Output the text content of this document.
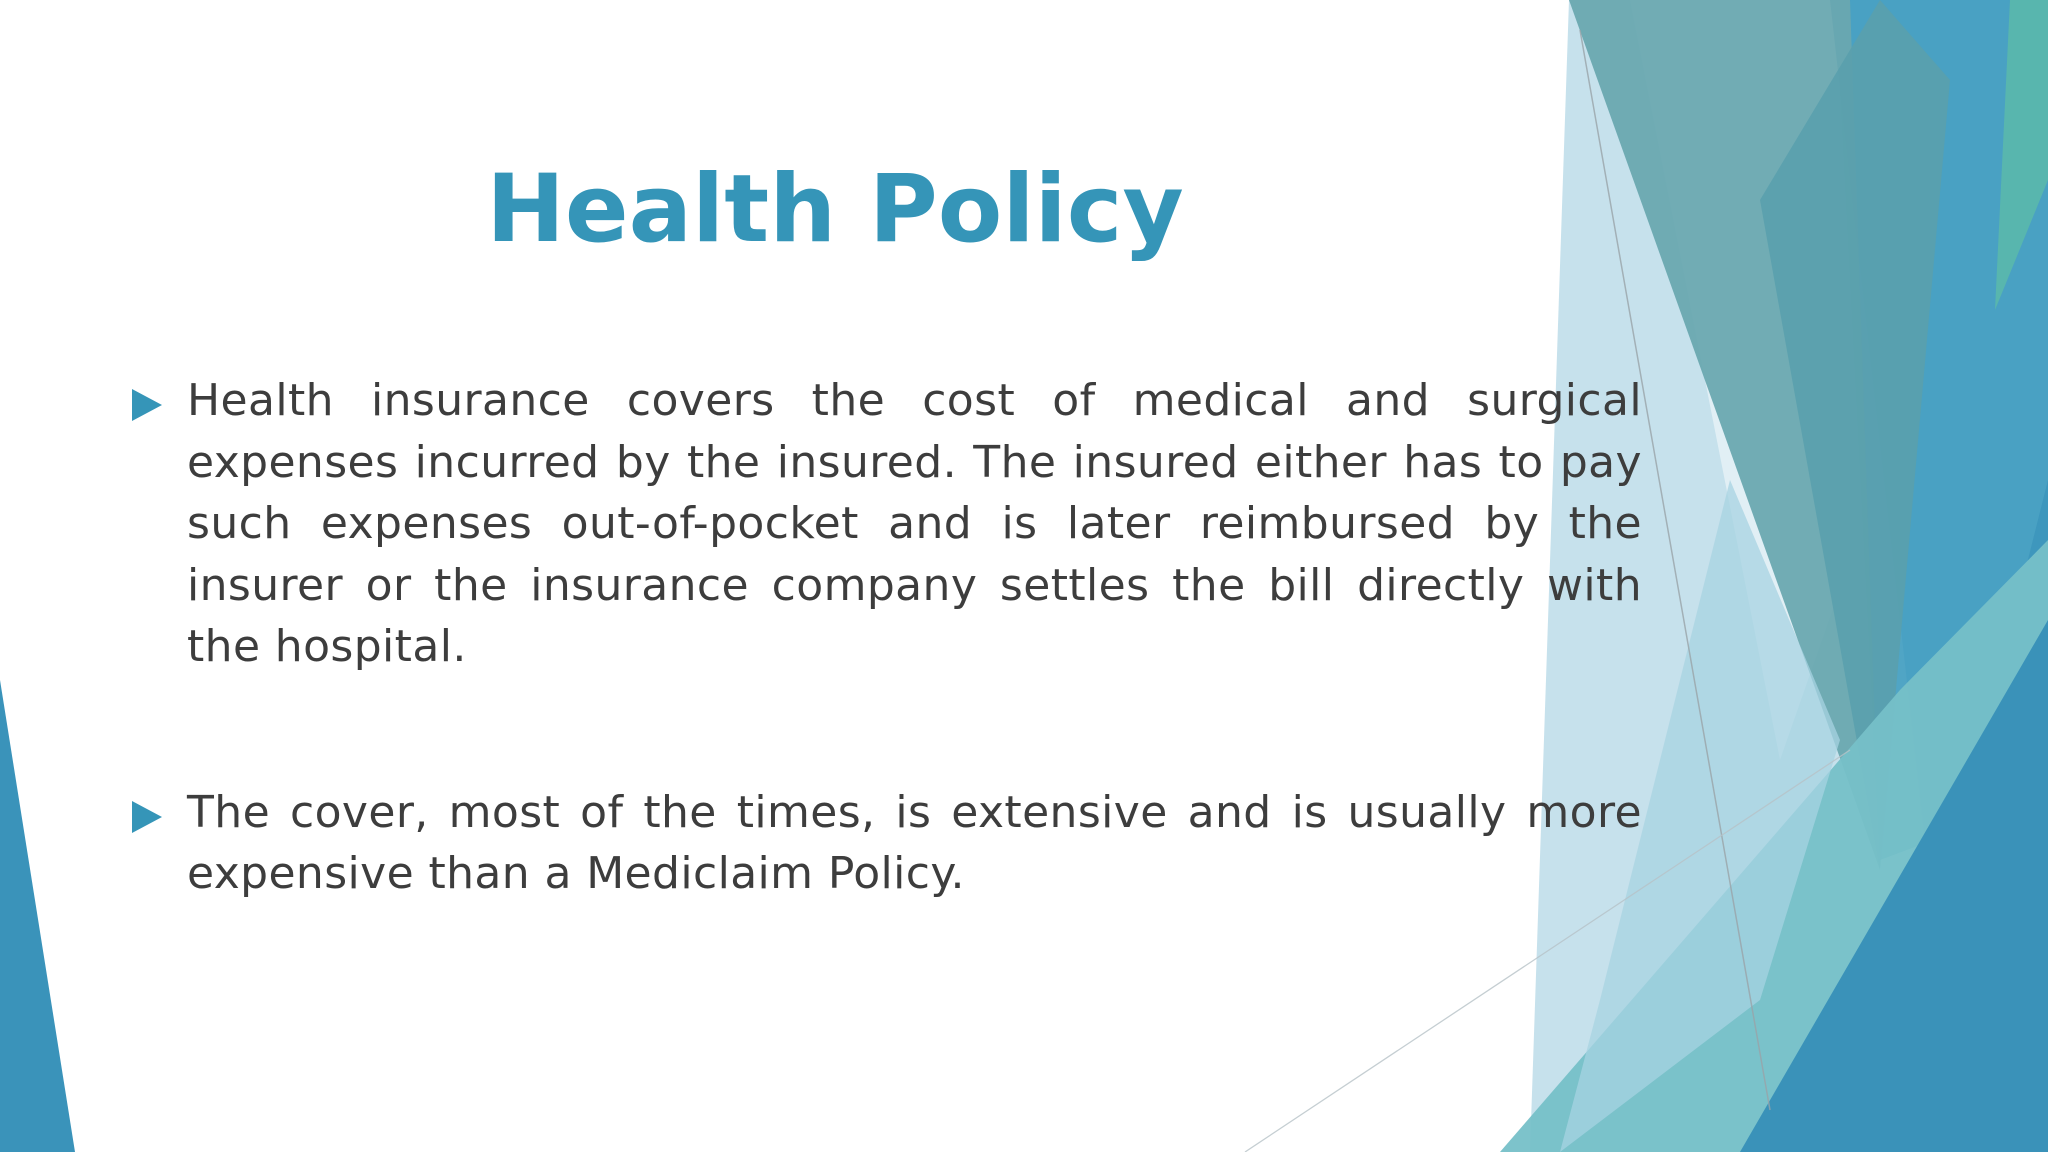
Health Policy
Health insurance covers the cost of medical and surgical expenses incurred by the insured. The insured either has to pay such expenses out-of-pocket and is later reimbursed by the insurer or the insurance company settles the bill directly with the hospital.
The cover, most of the times, is extensive and is usually more expensive than a Mediclaim Policy.
